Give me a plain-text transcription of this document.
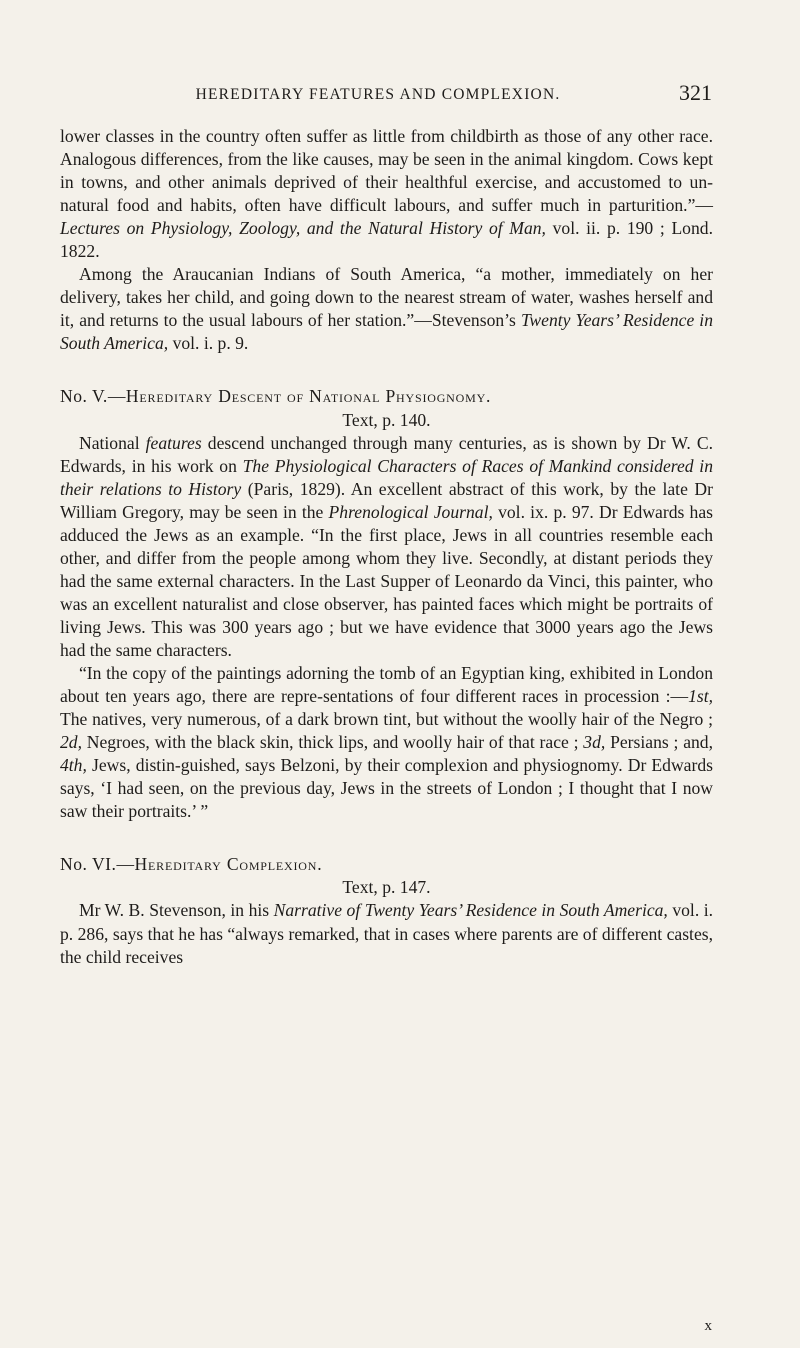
HEREDITARY FEATURES AND COMPLEXION.	321

lower classes in the country often suffer as little from childbirth as those of any other race. Analogous differences, from the like causes, may be seen in the animal kingdom. Cows kept in towns, and other animals deprived of their healthful exercise, and accustomed to un-natural food and habits, often have difficult labours, and suffer much in parturition.”—Lectures on Physiology, Zoology, and the Natural History of Man, vol. ii. p. 190 ; Lond. 1822.

Among the Araucanian Indians of South America, “a mother, immediately on her delivery, takes her child, and going down to the nearest stream of water, washes herself and it, and returns to the usual labours of her station.”—Stevenson’s Twenty Years’ Residence in South America, vol. i. p. 9.

No. V.—Hereditary Descent of National Physiognomy.

Text, p. 140.

National features descend unchanged through many centuries, as is shown by Dr W. C. Edwards, in his work on The Physiological Characters of Races of Mankind considered in their relations to History (Paris, 1829). An excellent abstract of this work, by the late Dr William Gregory, may be seen in the Phrenological Journal, vol. ix. p. 97. Dr Edwards has adduced the Jews as an example. “In the first place, Jews in all countries resemble each other, and differ from the people among whom they live. Secondly, at distant periods they had the same external characters. In the Last Supper of Leonardo da Vinci, this painter, who was an excellent naturalist and close observer, has painted faces which might be portraits of living Jews. This was 300 years ago ; but we have evidence that 3000 years ago the Jews had the same characters.

“In the copy of the paintings adorning the tomb of an Egyptian king, exhibited in London about ten years ago, there are repre-sentations of four different races in procession :—1st, The natives, very numerous, of a dark brown tint, but without the woolly hair of the Negro ; 2d, Negroes, with the black skin, thick lips, and woolly hair of that race ; 3d, Persians ; and, 4th, Jews, distin-guished, says Belzoni, by their complexion and physiognomy. Dr Edwards says, ‘I had seen, on the previous day, Jews in the streets of London ; I thought that I now saw their portraits.’ ”

No. VI.—Hereditary Complexion.

Text, p. 147.

Mr W. B. Stevenson, in his Narrative of Twenty Years’ Residence in South America, vol. i. p. 286, says that he has “always remarked, that in cases where parents are of different castes, the child receives

x
